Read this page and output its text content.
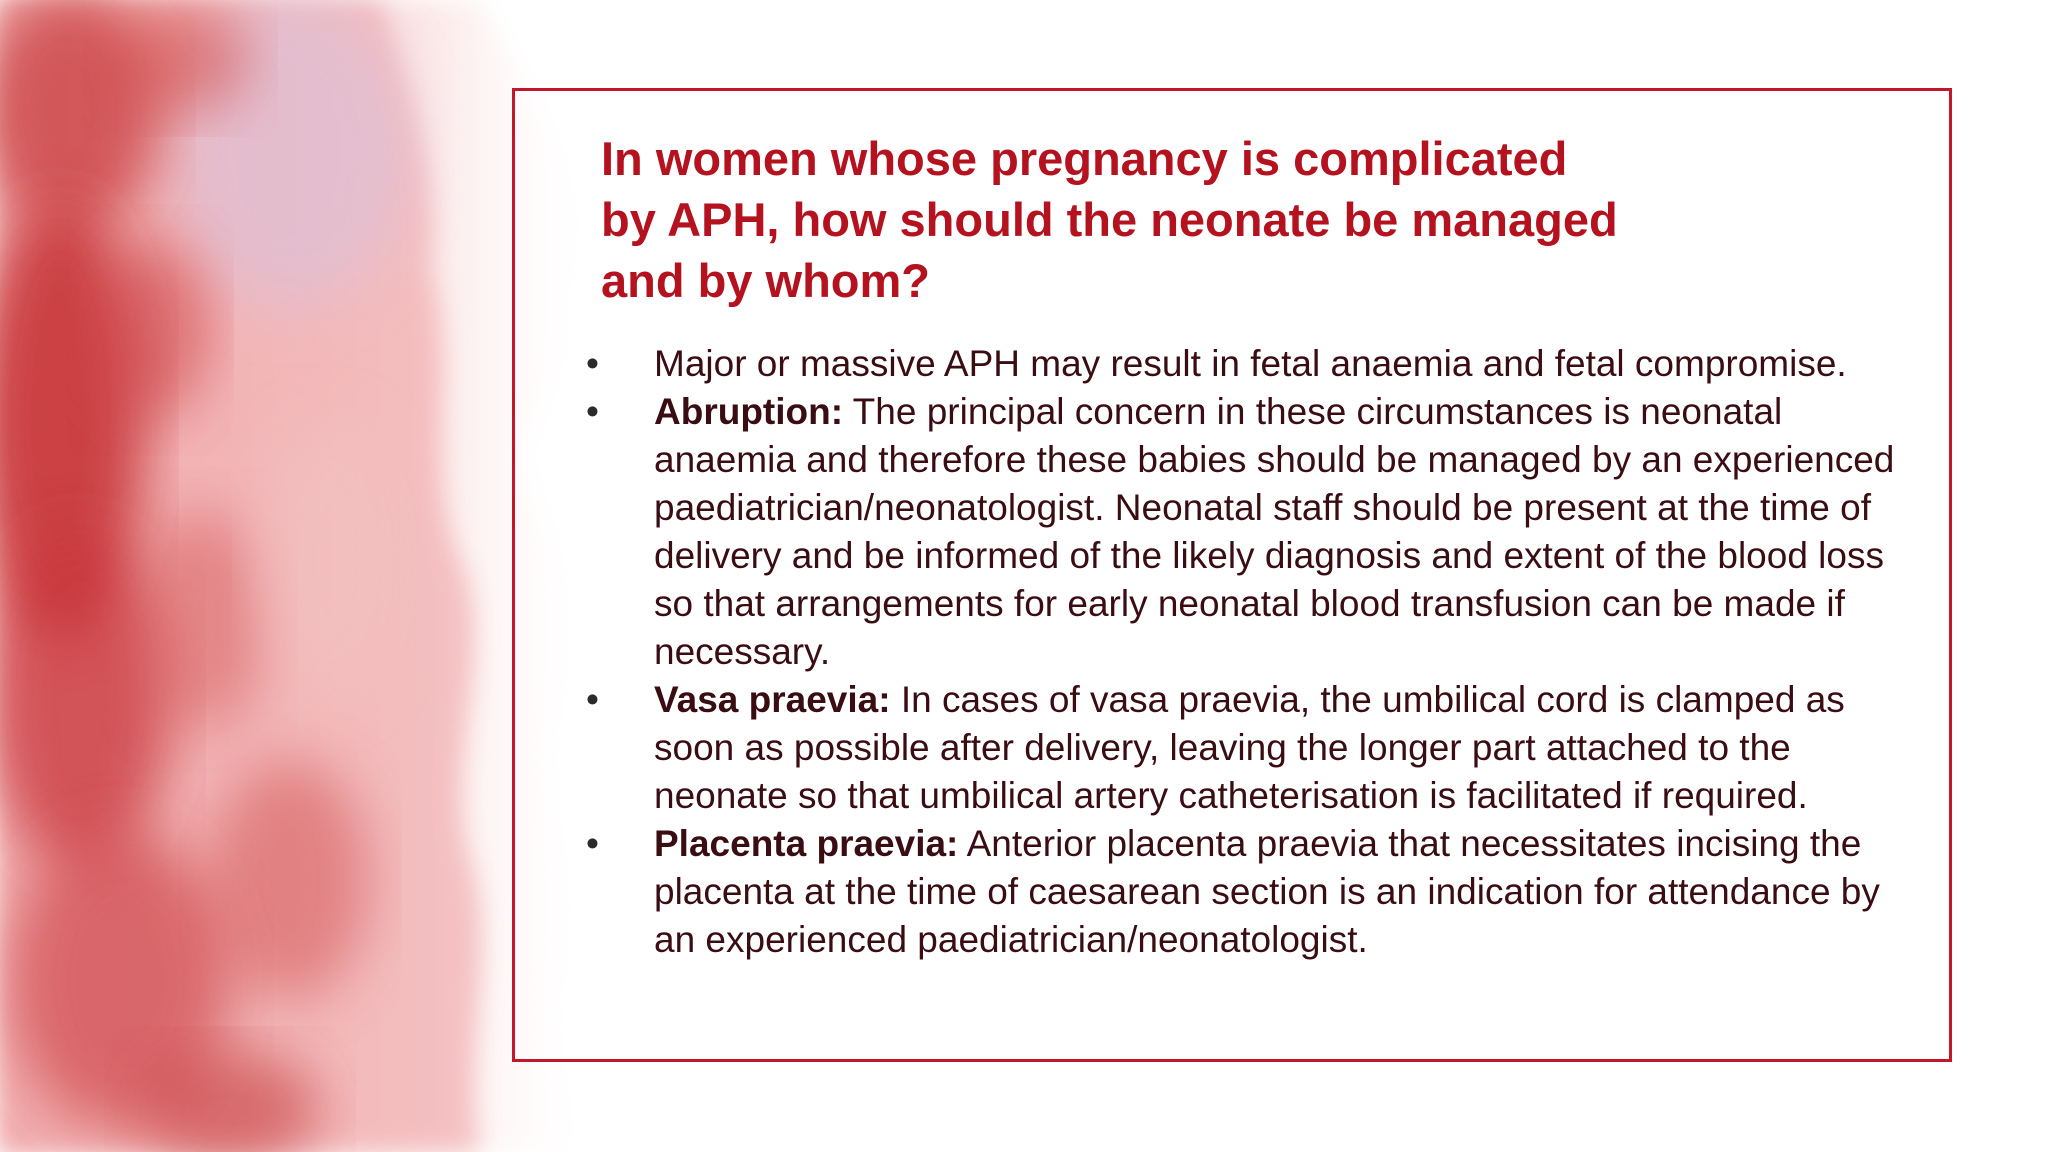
In women whose pregnancy is complicated
by APH, how should the neonate be managed
and by whom?
•	Major or massive APH may result in fetal anaemia and fetal compromise.
•	Abruption: The principal concern in these circumstances is neonatal anaemia and therefore these babies should be managed by an experienced paediatrician/neonatologist. Neonatal staff should be present at the time of delivery and be informed of the likely diagnosis and extent of the blood loss so that arrangements for early neonatal blood transfusion can be made if necessary.
•	Vasa praevia: In cases of vasa praevia, the umbilical cord is clamped as soon as possible after delivery, leaving the longer part attached to the neonate so that umbilical artery catheterisation is facilitated if required.
•	Placenta praevia: Anterior placenta praevia that necessitates incising the placenta at the time of caesarean section is an indication for attendance by an experienced paediatrician/neonatologist.
